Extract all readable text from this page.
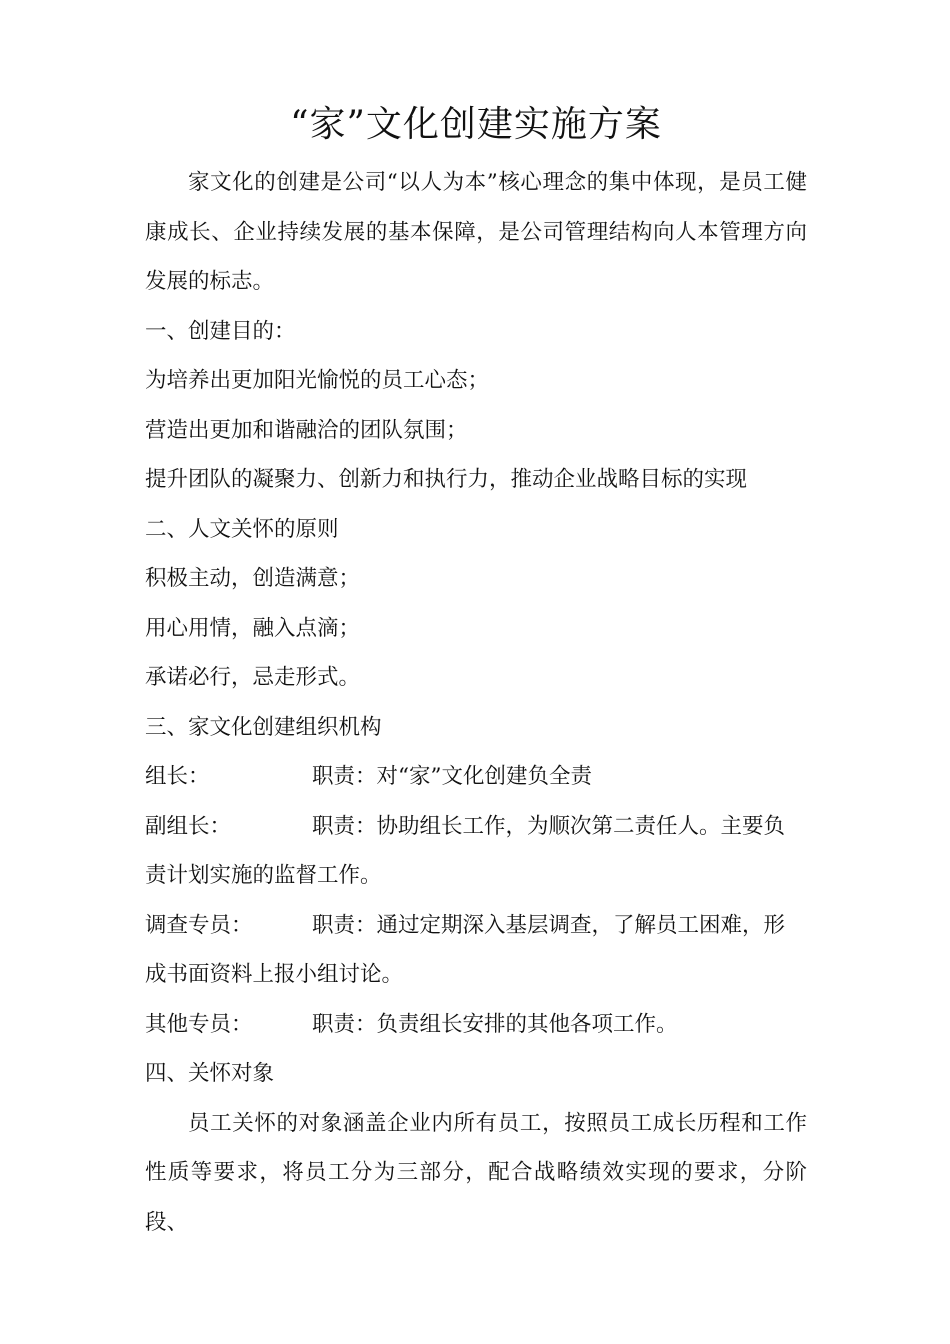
“家”文化创建实施方案

家文化的创建是公司“以人为本”核心理念的集中体现，是员工健康成长、企业持续发展的基本保障，是公司管理结构向人本管理方向发展的标志。

一、创建目的：

为培养出更加阳光愉悦的员工心态；

营造出更加和谐融洽的团队氛围；

提升团队的凝聚力、创新力和执行力，推动企业战略目标的实现

二、人文关怀的原则

积极主动，创造满意；

用心用情，融入点滴；

承诺必行，忌走形式。

三、家文化创建组织机构

组长：	职责：对“家”文化创建负全责
副组长：	职责：协助组长工作，为顺次第二责任人。主要负

责计划实施的监督工作。

调查专员：	职责：通过定期深入基层调查，了解员工困难，形

成书面资料上报小组讨论。

其他专员：	职责：负责组长安排的其他各项工作。

四、关怀对象

员工关怀的对象涵盖企业内所有员工，按照员工成长历程和工作性质等要求，将员工分为三部分，配合战略绩效实现的要求，分阶段、
